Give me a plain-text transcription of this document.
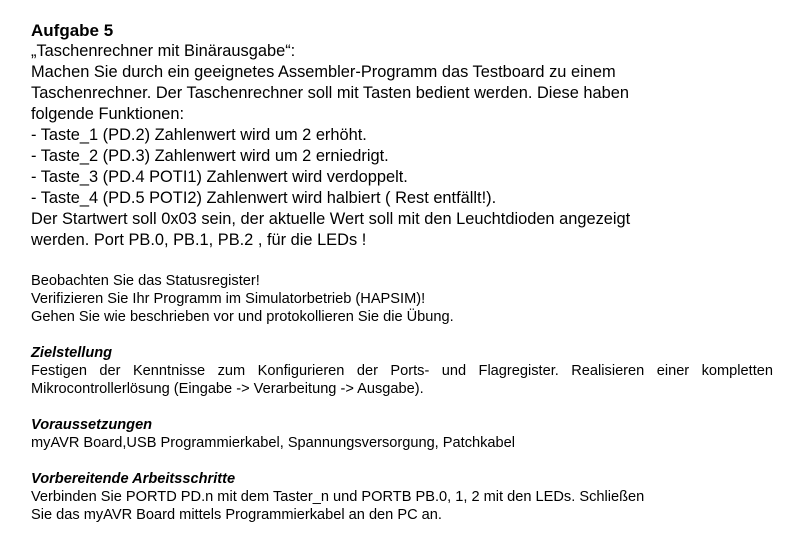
Aufgabe 5

„Taschenrechner mit Binärausgabe“:

Machen Sie durch ein geeignetes Assembler-Programm das Testboard zu einem

Taschenrechner. Der Taschenrechner soll mit Tasten bedient werden. Diese haben

folgende Funktionen:

- Taste_1 (PD.2) Zahlenwert wird um 2 erhöht.

- Taste_2 (PD.3) Zahlenwert wird um 2 erniedrigt.

- Taste_3 (PD.4 POTI1) Zahlenwert wird verdoppelt.

- Taste_4 (PD.5 POTI2) Zahlenwert wird halbiert ( Rest entfällt!).

Der Startwert soll 0x03 sein, der aktuelle Wert soll mit den Leuchtdioden angezeigt

werden. Port PB.0, PB.1, PB.2 , für die LEDs !

Beobachten Sie das Statusregister!

Verifizieren Sie Ihr Programm im Simulatorbetrieb (HAPSIM)!

Gehen Sie wie beschrieben vor und protokollieren Sie die Übung.

Zielstellung

Festigen der Kenntnisse zum Konfigurieren der Ports- und Flagregister. Realisieren einer kompletten Mikrocontrollerlösung (Eingabe -> Verarbeitung -> Ausgabe).

Voraussetzungen

myAVR Board,USB Programmierkabel, Spannungsversorgung, Patchkabel

Vorbereitende Arbeitsschritte

Verbinden Sie PORTD PD.n mit dem Taster_n und PORTB PB.0, 1, 2 mit den LEDs. Schließen

Sie das myAVR Board mittels Programmierkabel an den PC an.
